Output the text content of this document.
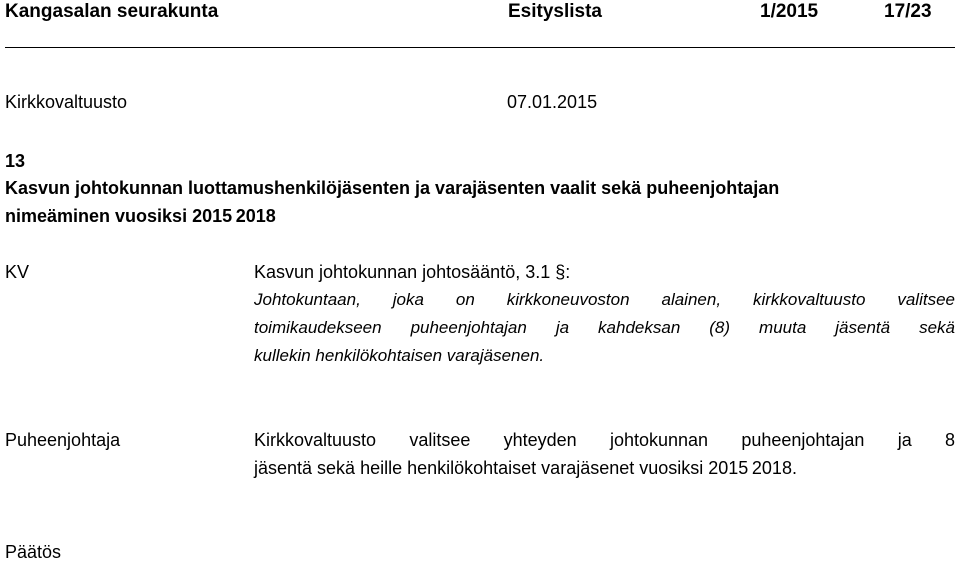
Kangasalan seurakunta	Esityslista	1/2015	17/23
Kirkkovaltuusto	07.01.2015
13
Kasvun johtokunnan luottamushenkilöjäsenten ja varajäsenten vaalit sekä puheenjohtajan
nimeäminen vuosiksi 2015 2018
KV	Kasvun johtokunnan johtosääntö, 3.1 §:
Johtokuntaan, joka on kirkkoneuvoston alainen, kirkkovaltuusto valitsee
toimikaudekseen puheenjohtajan ja kahdeksan (8) muuta jäsentä sekä
kullekin henkilökohtaisen varajäsenen.
Puheenjohtaja	Kirkkovaltuusto valitsee yhteyden johtokunnan puheenjohtajan ja 8
jäsentä sekä heille henkilökohtaiset varajäsenet vuosiksi 2015 2018.
Päätös
